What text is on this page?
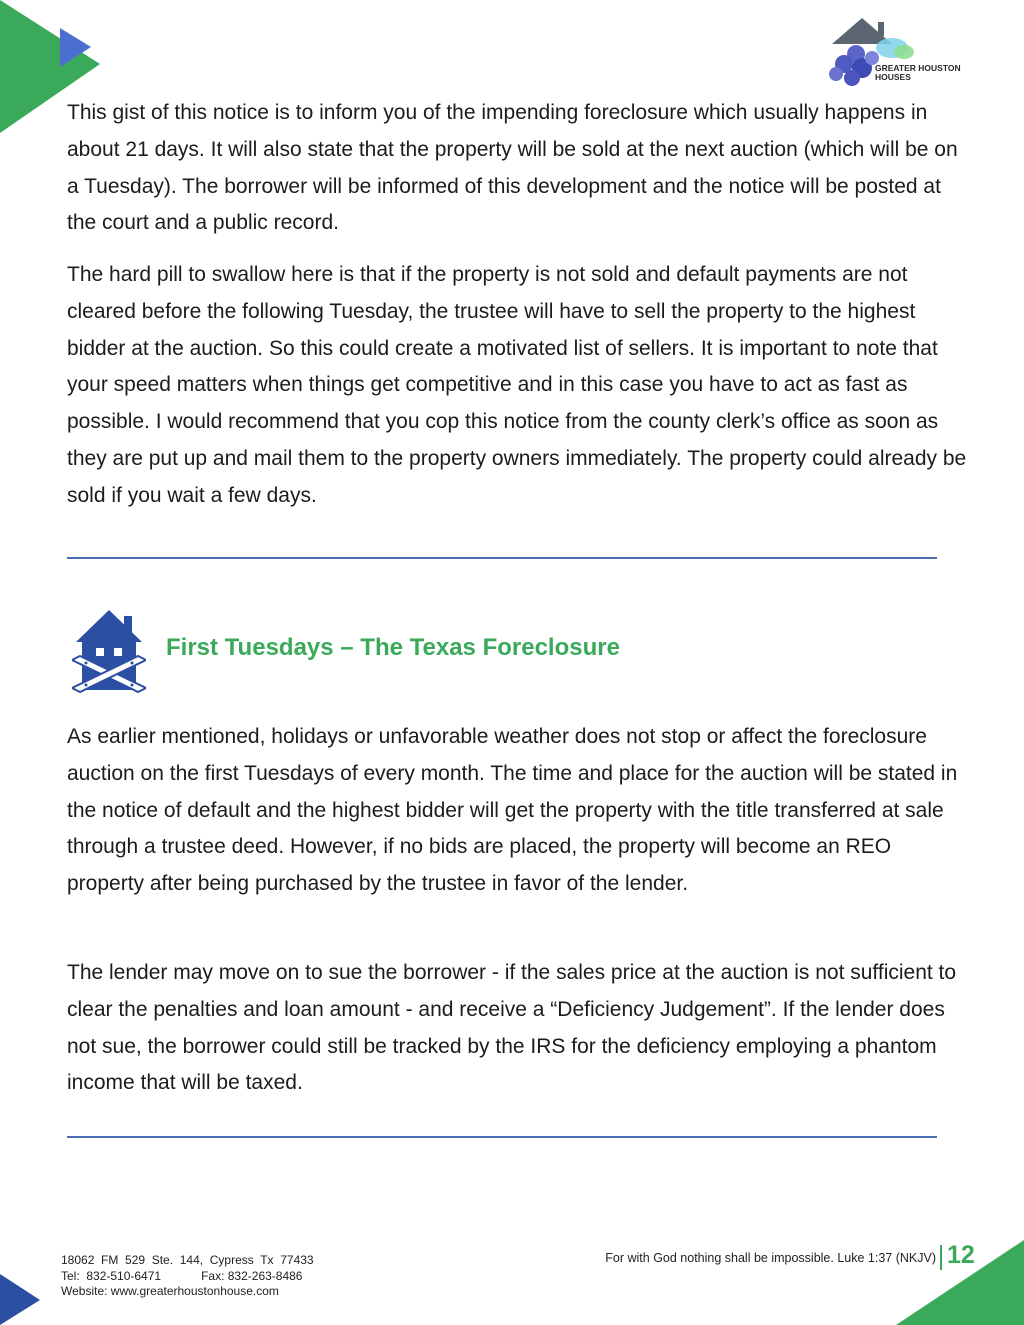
GREATER HOUSTON
HOUSES

This gist of this notice is to inform you of the impending foreclosure which usually happens in about 21 days. It will also state that the property will be sold at the next auction (which will be on a Tuesday). The borrower will be informed of this development and the notice will be posted at the court and a public record.

The hard pill to swallow here is that if the property is not sold and default payments are not cleared before the following Tuesday, the trustee will have to sell the property to the highest bidder at the auction. So this could create a motivated list of sellers. It is important to note that your speed matters when things get competitive and in this case you have to act as fast as possible. I would recommend that you cop this notice from the county clerk’s office as soon as they are put up and mail them to the property owners immediately. The property could already be sold if you wait a few days.

First Tuesdays – The Texas Foreclosure

As earlier mentioned, holidays or unfavorable weather does not stop or affect the foreclosure auction on the first Tuesdays of every month. The time and place for the auction will be stated in the notice of default and the highest bidder will get the property with the title transferred at sale through a trustee deed. However, if no bids are placed, the property will become an REO property after being purchased by the trustee in favor of the lender.

The lender may move on to sue the borrower - if the sales price at the auction is not sufficient to clear the penalties and loan amount - and receive a “Deficiency Judgement”. If the lender does not sue, the borrower could still be tracked by the IRS for the deficiency employing a phantom income that will be taxed.

18062  FM  529  Ste.  144,  Cypress  Tx  77433
Tel:  832-510-6471	Fax: 832-263-8486
Website: www.greaterhoustonhouse.com
For with God nothing shall be impossible. Luke 1:37 (NKJV) 12
